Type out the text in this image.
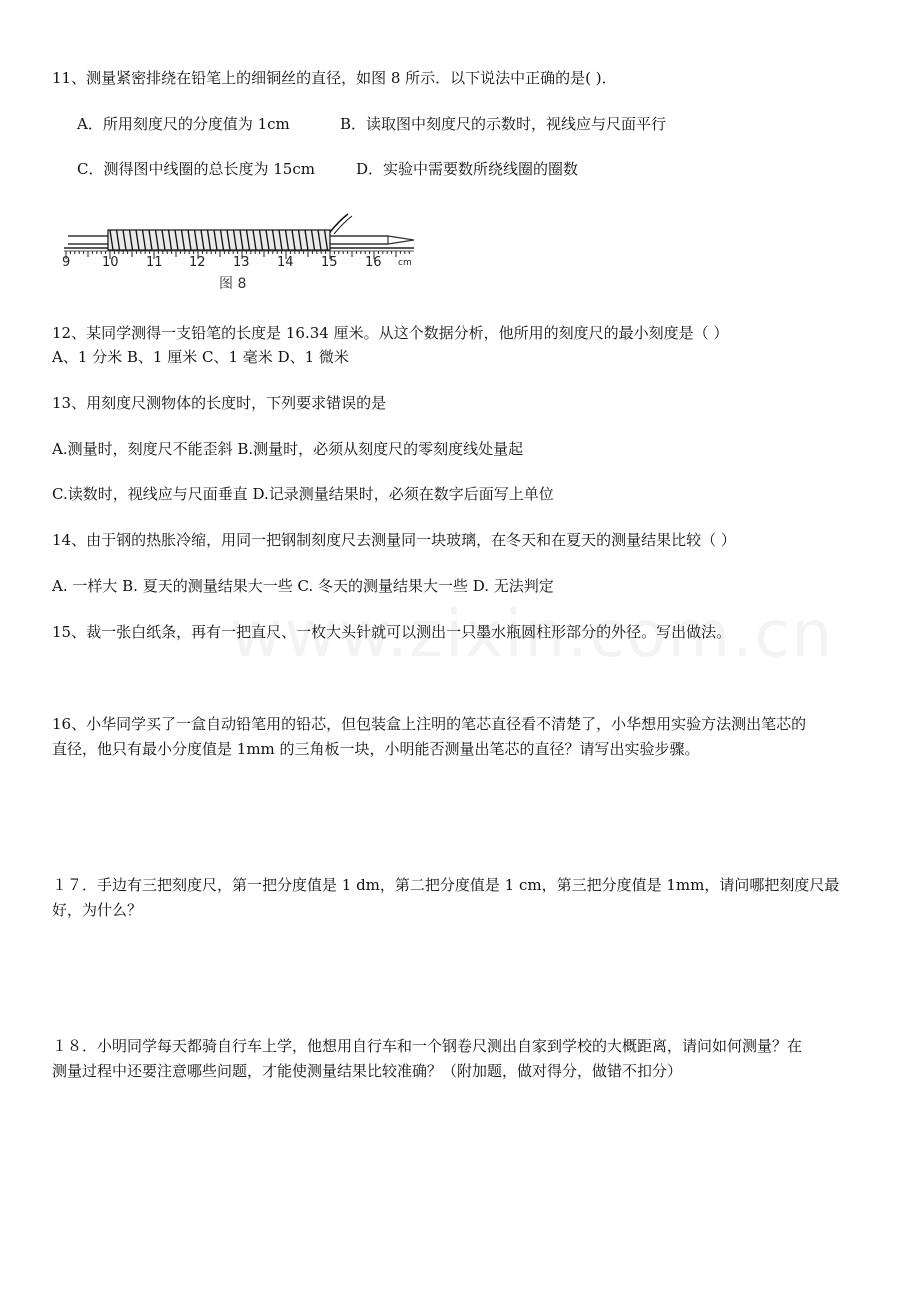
11、测量紧密排绕在铅笔上的细铜丝的直径，如图 8 所示．以下说法中正确的是( )．
A．所用刻度尺的分度值为 1cm	B．读取图中刻度尺的示数时，视线应与尺面平行
C．测得图中线圈的总长度为 15cm	D．实验中需要数所绕线圈的圈数
9 10 11 12 13 14 15 16 cm
图 8
12、某同学测得一支铅笔的长度是 16.34 厘米。从这个数据分析，他所用的刻度尺的最小刻度是（ ）
A、1 分米 B、1 厘米 C、1 毫米 D、1 微米
13、用刻度尺测物体的长度时，下列要求错误的是
A.测量时，刻度尺不能歪斜 B.测量时，必须从刻度尺的零刻度线处量起
C.读数时，视线应与尺面垂直 D.记录测量结果时，必须在数字后面写上单位
14、由于钢的热胀冷缩，用同一把钢制刻度尺去测量同一块玻璃，在冬天和在夏天的测量结果比较（ ）
A. 一样大 B. 夏天的测量结果大一些 C. 冬天的测量结果大一些 D. 无法判定
15、裁一张白纸条，再有一把直尺、一枚大头针就可以测出一只墨水瓶圆柱形部分的外径。写出做法。
16、小华同学买了一盒自动铅笔用的铅芯，但包装盒上注明的笔芯直径看不清楚了，小华想用实验方法测出笔芯的
直径，他只有最小分度值是 1mm 的三角板一块，小明能否测量出笔芯的直径？请写出实验步骤。
１７．手边有三把刻度尺，第一把分度值是 1 dm，第二把分度值是 1 cm，第三把分度值是 1mm，请问哪把刻度尺最
好，为什么？
１８．小明同学每天都骑自行车上学，他想用自行车和一个钢卷尺测出自家到学校的大概距离，请问如何测量？在
测量过程中还要注意哪些问题，才能使测量结果比较准确？（附加题，做对得分，做错不扣分）
